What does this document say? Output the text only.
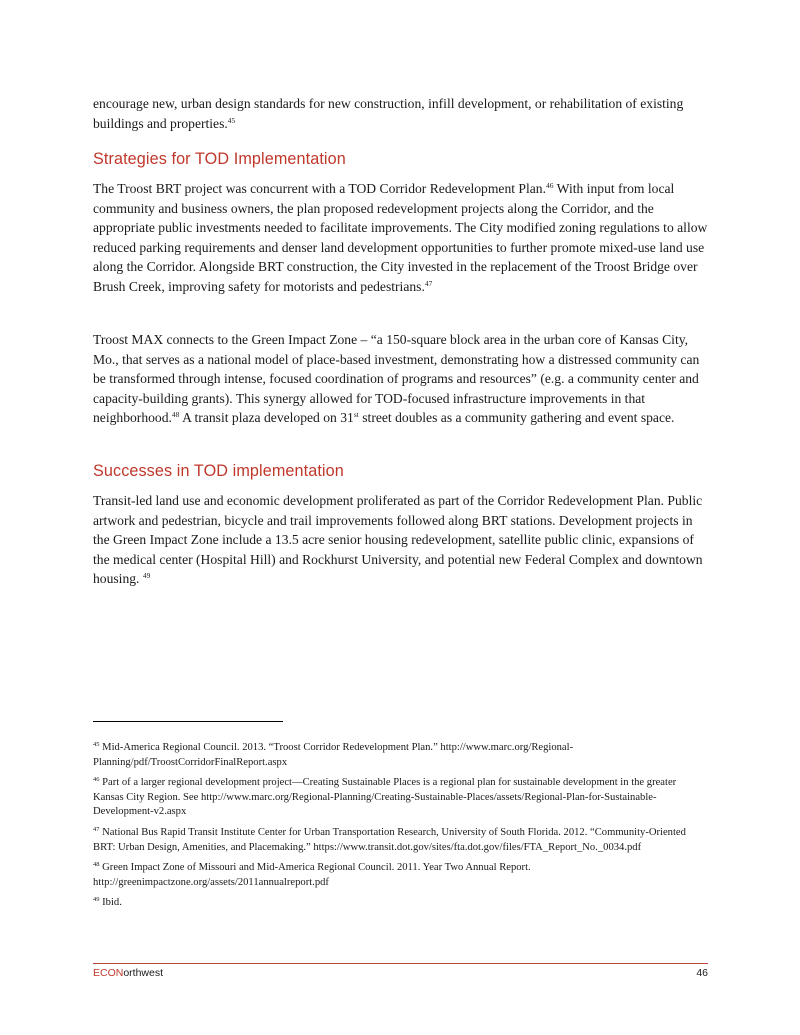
encourage new, urban design standards for new construction, infill development, or rehabilitation of existing buildings and properties.$^{45}$

Strategies for TOD Implementation

The Troost BRT project was concurrent with a TOD Corridor Redevelopment Plan.$^{46}$ With input from local community and business owners, the plan proposed redevelopment projects along the Corridor, and the appropriate public investments needed to facilitate improvements. The City modified zoning regulations to allow reduced parking requirements and denser land development opportunities to further promote mixed-use land use along the Corridor. Alongside BRT construction, the City invested in the replacement of the Troost Bridge over Brush Creek, improving safety for motorists and pedestrians.$^{47}$

Troost MAX connects to the Green Impact Zone – “a 150-square block area in the urban core of Kansas City, Mo., that serves as a national model of place-based investment, demonstrating how a distressed community can be transformed through intense, focused coordination of programs and resources” (e.g. a community center and capacity-building grants). This synergy allowed for TOD-focused infrastructure improvements in that neighborhood.$^{48}$ A transit plaza developed on 31st street doubles as a community gathering and event space.

Successes in TOD implementation

Transit-led land use and economic development proliferated as part of the Corridor Redevelopment Plan. Public artwork and pedestrian, bicycle and trail improvements followed along BRT stations. Development projects in the Green Impact Zone include a 13.5 acre senior housing redevelopment, satellite public clinic, expansions of the medical center (Hospital Hill) and Rockhurst University, and potential new Federal Complex and downtown housing. $^{49}$

$^{45}$ Mid-America Regional Council. 2013. “Troost Corridor Redevelopment Plan.” http://www.marc.org/Regional-Planning/pdf/TroostCorridorFinalReport.aspx

$^{46}$ Part of a larger regional development project—Creating Sustainable Places is a regional plan for sustainable development in the greater Kansas City Region. See http://www.marc.org/Regional-Planning/Creating-Sustainable-Places/assets/Regional-Plan-for-Sustainable-Development-v2.aspx

$^{47}$ National Bus Rapid Transit Institute Center for Urban Transportation Research, University of South Florida. 2012. “Community-Oriented BRT: Urban Design, Amenities, and Placemaking.” https://www.transit.dot.gov/sites/fta.dot.gov/files/FTA_Report_No._0034.pdf

$^{48}$ Green Impact Zone of Missouri and Mid-America Regional Council. 2011. Year Two Annual Report. http://greenimpactzone.org/assets/2011annualreport.pdf

$^{49}$ Ibid.

ECONorthwest	46
